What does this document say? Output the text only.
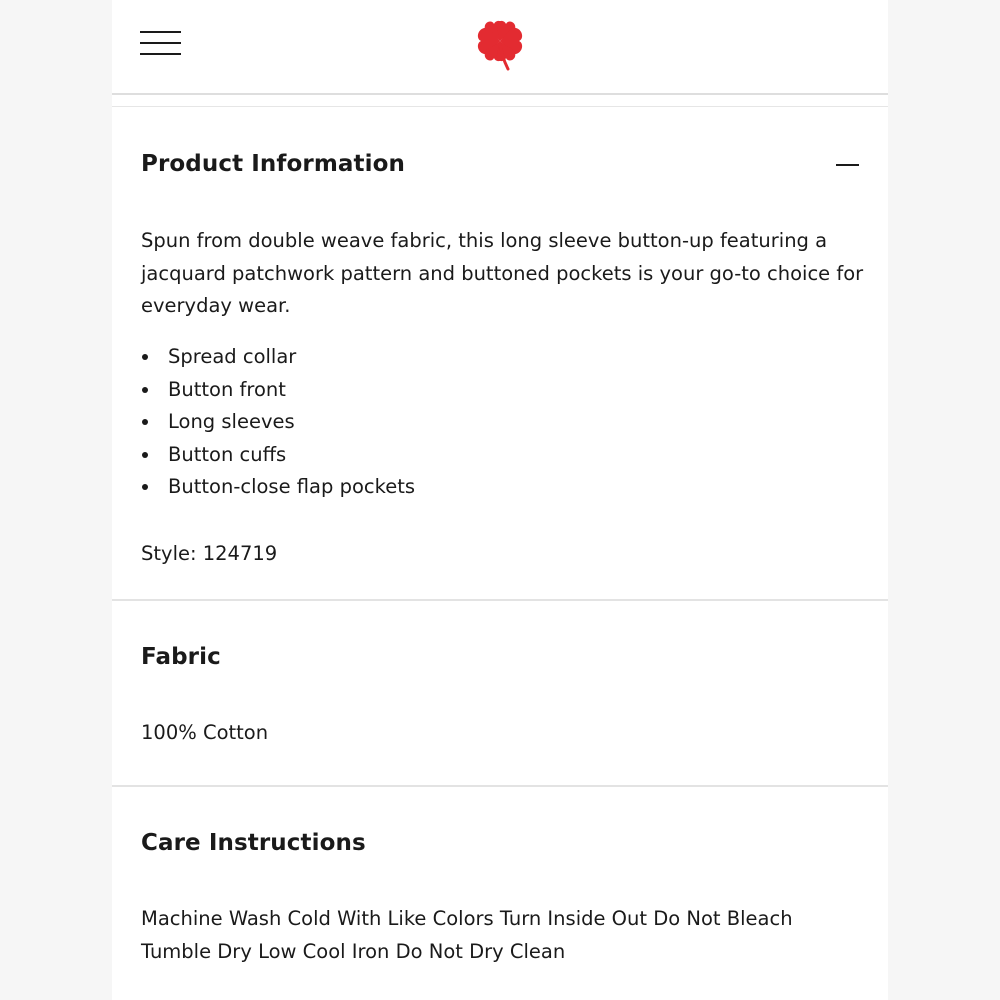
Product Information

Spun from double weave fabric, this long sleeve button-up featuring a
jacquard patchwork pattern and buttoned pockets is your go-to choice for
everyday wear.

Spread collar
Button front
Long sleeves
Button cuffs
Button-close flap pockets

Style: 124719

Fabric

100% Cotton

Care Instructions

Machine Wash Cold With Like Colors Turn Inside Out Do Not Bleach
Tumble Dry Low Cool Iron Do Not Dry Clean
